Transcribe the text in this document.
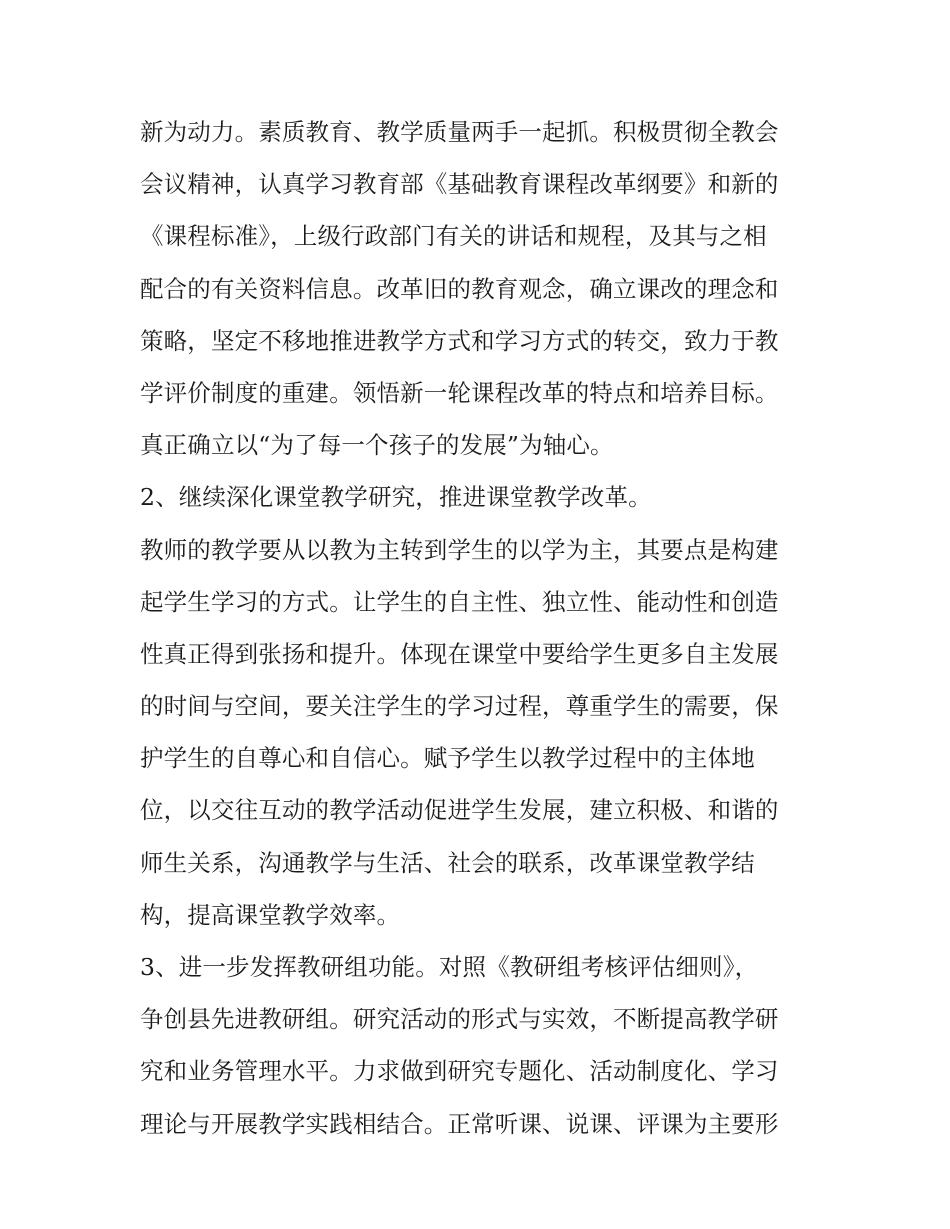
新为动力。素质教育、教学质量两手一起抓。积极贯彻全教会
会议精神，认真学习教育部《基础教育课程改革纲要》和新的
《课程标准》，上级行政部门有关的讲话和规程，及其与之相
配合的有关资料信息。改革旧的教育观念，确立课改的理念和
策略，坚定不移地推进教学方式和学习方式的转交，致力于教
学评价制度的重建。领悟新一轮课程改革的特点和培养目标。
真正确立以“为了每一个孩子的发展”为轴心。
2、继续深化课堂教学研究，推进课堂教学改革。
教师的教学要从以教为主转到学生的以学为主，其要点是构建
起学生学习的方式。让学生的自主性、独立性、能动性和创造
性真正得到张扬和提升。体现在课堂中要给学生更多自主发展
的时间与空间，要关注学生的学习过程，尊重学生的需要，保
护学生的自尊心和自信心。赋予学生以教学过程中的主体地
位，以交往互动的教学活动促进学生发展，建立积极、和谐的
师生关系，沟通教学与生活、社会的联系，改革课堂教学结
构，提高课堂教学效率。
3、进一步发挥教研组功能。对照《教研组考核评估细则》，
争创县先进教研组。研究活动的形式与实效，不断提高教学研
究和业务管理水平。力求做到研究专题化、活动制度化、学习
理论与开展教学实践相结合。正常听课、说课、评课为主要形
